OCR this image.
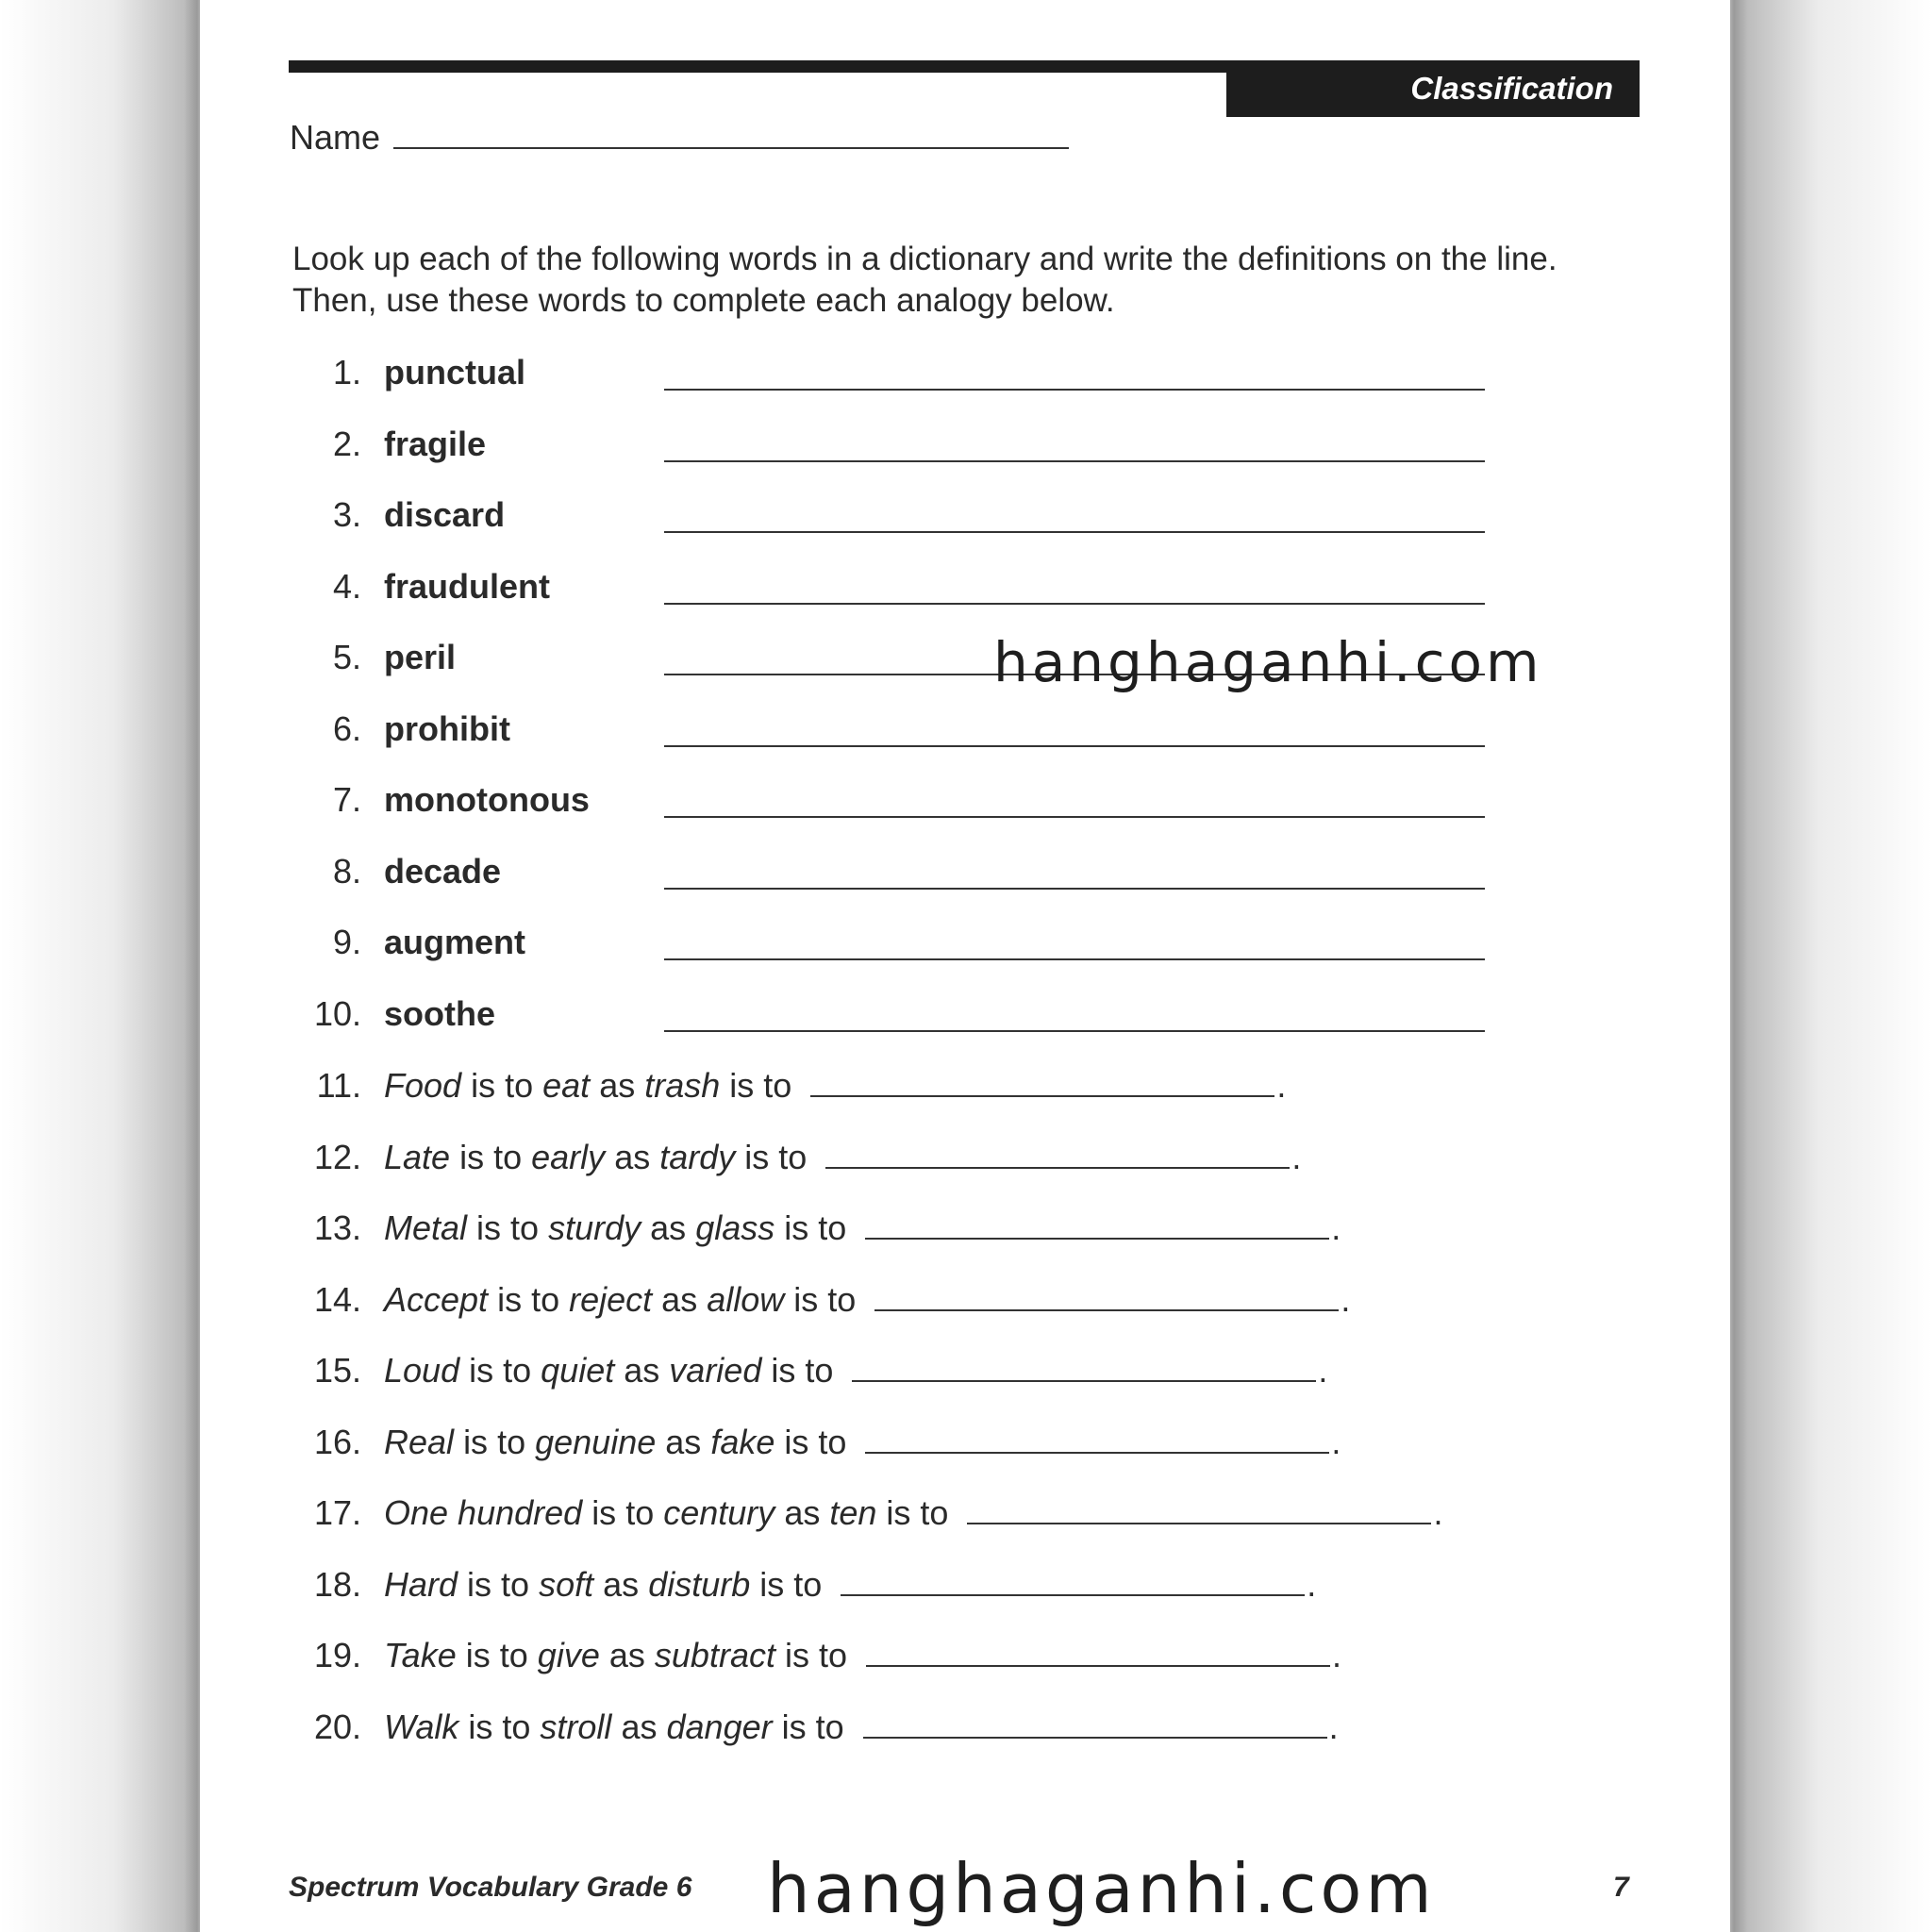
Classification
Name

Look up each of the following words in a dictionary and write the definitions on the line. Then, use these words to complete each analogy below.

1. punctual
2. fragile
3. discard
4. fraudulent
5. peril
6. prohibit
7. monotonous
8. decade
9. augment
10. soothe
11. Food
is to
eat
as
trash
is to	.
12. Late
is to
early
as
tardy
is to	.
13. Metal
is to
sturdy
as
glass
is to	.
14. Accept
is to
reject
as
allow
is to	.
15. Loud
is to
quiet
as
varied
is to	.
16. Real
is to
genuine
as
fake
is to	.
17. One hundred
is to
century
as
ten
is to	.
18. Hard
is to
soft
as
disturb
is to	.
19. Take
is to
give
as
subtract
is to	.
20. Walk
is to
stroll
as
danger
is to	.
Spectrum Vocabulary Grade 6	7
hanghaganhi.com
hanghaganhi.com
